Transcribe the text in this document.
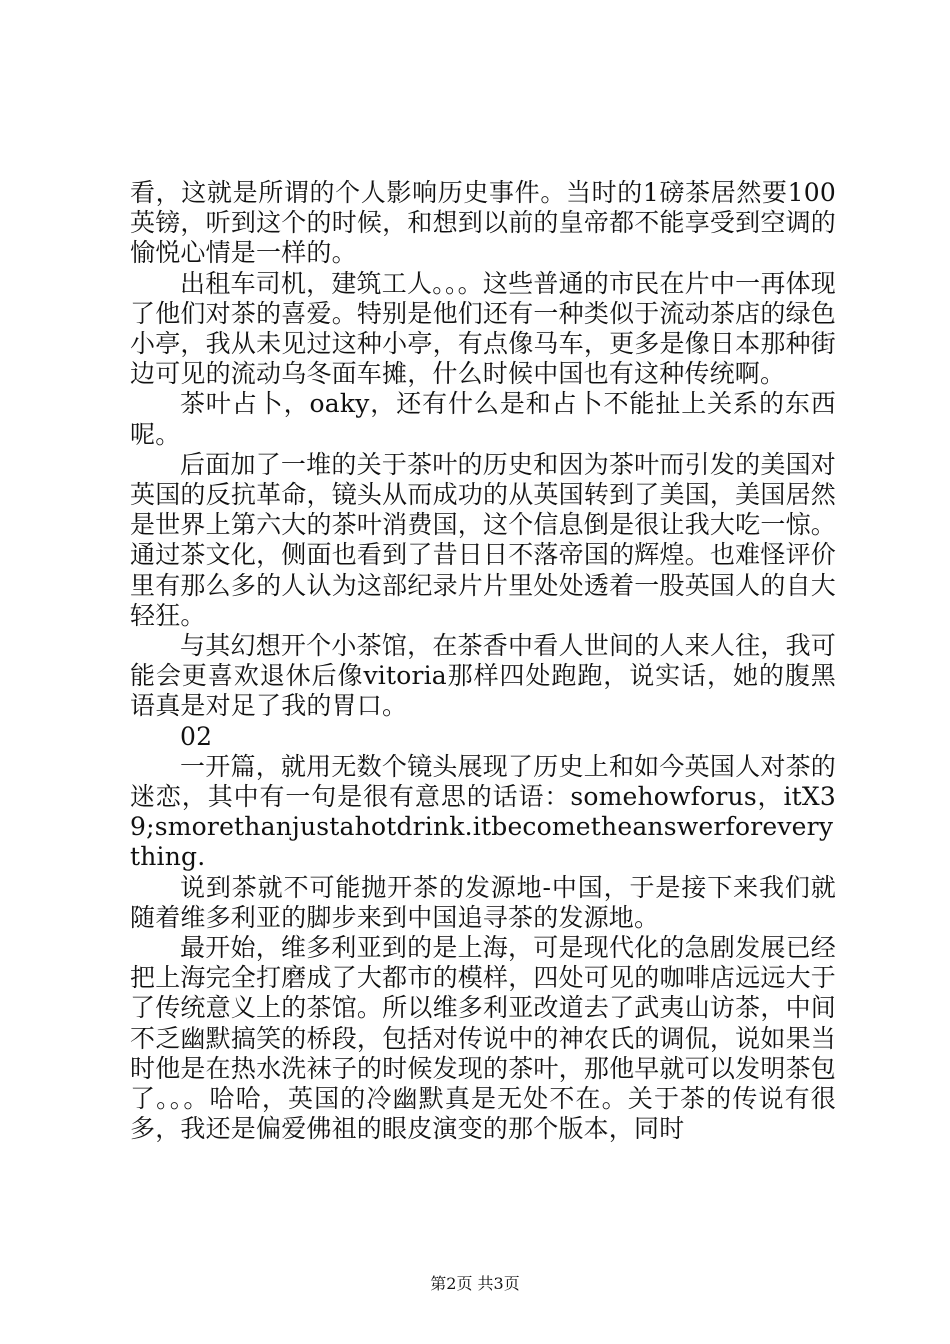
看，这就是所谓的个人影响历史事件。当时的1磅茶居然要100英镑，听到这个的时候，和想到以前的皇帝都不能享受到空调的愉悦心情是一样的。

出租车司机，建筑工人。。。这些普通的市民在片中一再体现了他们对茶的喜爱。特别是他们还有一种类似于流动茶店的绿色小亭，我从未见过这种小亭，有点像马车，更多是像日本那种街边可见的流动乌冬面车摊，什么时候中国也有这种传统啊。

茶叶占卜，oaky，还有什么是和占卜不能扯上关系的东西呢。

后面加了一堆的关于茶叶的历史和因为茶叶而引发的美国对英国的反抗革命，镜头从而成功的从英国转到了美国，美国居然是世界上第六大的茶叶消费国，这个信息倒是很让我大吃一惊。通过茶文化，侧面也看到了昔日日不落帝国的辉煌。也难怪评价里有那么多的人认为这部纪录片片里处处透着一股英国人的自大轻狂。

与其幻想开个小茶馆，在茶香中看人世间的人来人往，我可能会更喜欢退休后像vitoria那样四处跑跑，说实话，她的腹黑语真是对足了我的胃口。

02

一开篇，就用无数个镜头展现了历史上和如今英国人对茶的迷恋，其中有一句是很有意思的话语：somehowforus，itX39;smorethanjustahotdrink.itbecometheanswerforeverything.

说到茶就不可能抛开茶的发源地-中国，于是接下来我们就随着维多利亚的脚步来到中国追寻茶的发源地。

最开始，维多利亚到的是上海，可是现代化的急剧发展已经把上海完全打磨成了大都市的模样，四处可见的咖啡店远远大于了传统意义上的茶馆。所以维多利亚改道去了武夷山访茶，中间不乏幽默搞笑的桥段，包括对传说中的神农氏的调侃，说如果当时他是在热水洗袜子的时候发现的茶叶，那他早就可以发明茶包了。。。哈哈，英国的冷幽默真是无处不在。关于茶的传说有很多，我还是偏爱佛祖的眼皮演变的那个版本，同时

第2页 共3页
